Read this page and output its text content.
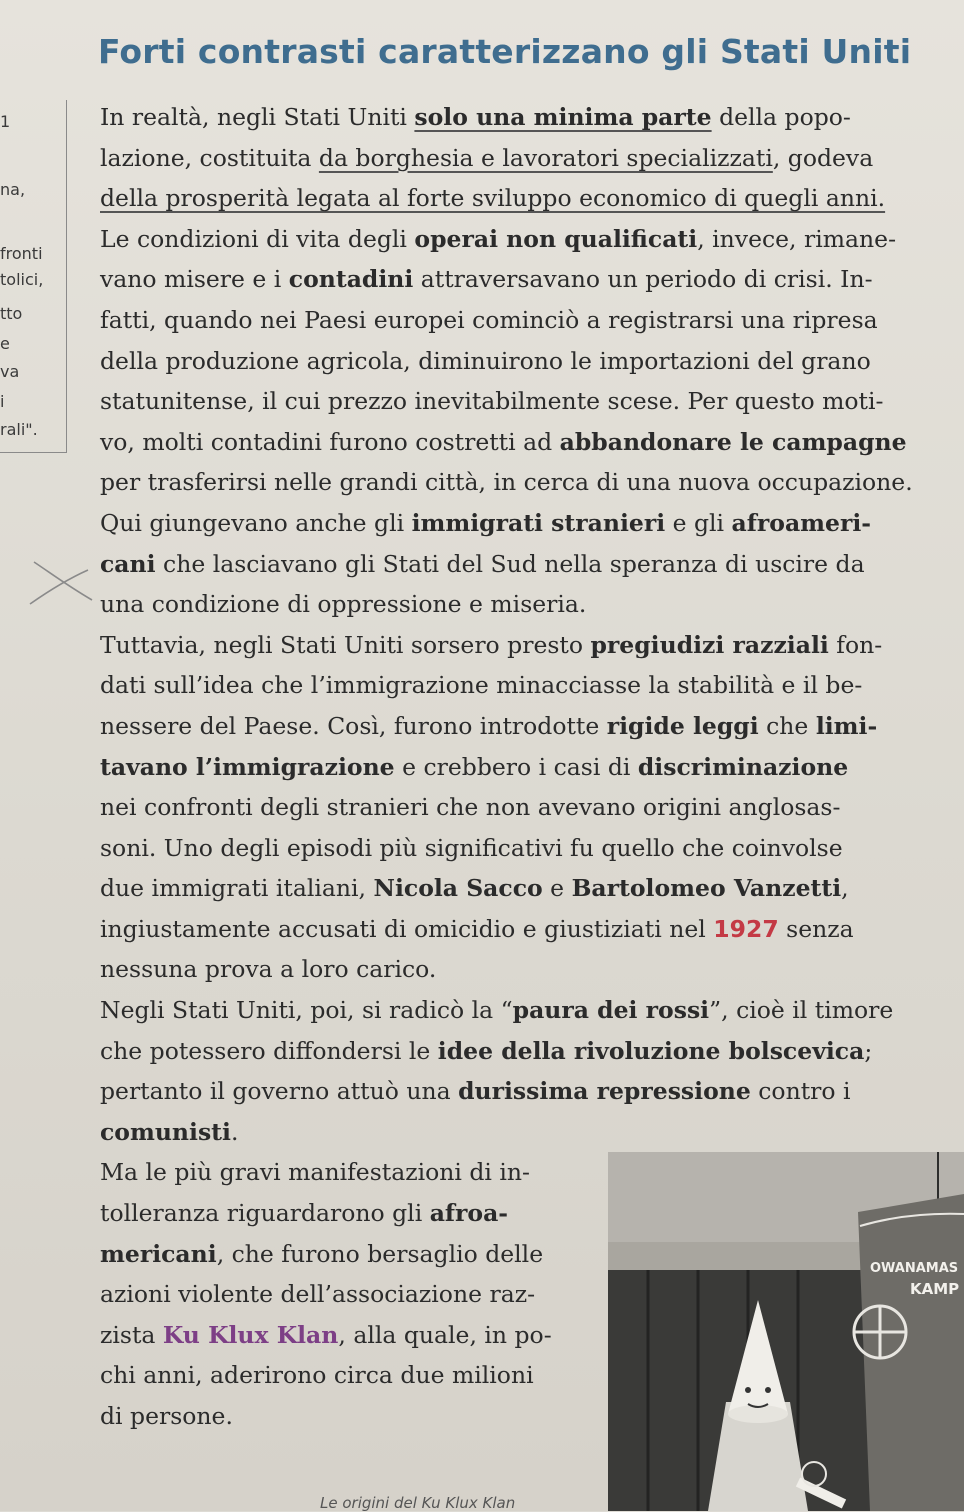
1
na,
fronti
tolici,
tto
e
va
i
rali".
Forti contrasti caratterizzano gli Stati Uniti
In realtà, negli Stati Uniti solo una minima parte della popo-
lazione, costituita da borghesia e lavoratori specializzati, godeva
della prosperità legata al forte sviluppo economico di quegli anni.
Le condizioni di vita degli operai non qualificati, invece, rimane-
vano misere e i contadini attraversavano un periodo di crisi. In-
fatti, quando nei Paesi europei cominciò a registrarsi una ripresa
della produzione agricola, diminuirono le importazioni del grano
statunitense, il cui prezzo inevitabilmente scese. Per questo moti-
vo, molti contadini furono costretti ad abbandonare le campagne
per trasferirsi nelle grandi città, in cerca di una nuova occupazione.
Qui giungevano anche gli immigrati stranieri e gli afroameri-
cani che lasciavano gli Stati del Sud nella speranza di uscire da
una condizione di oppressione e miseria.
Tuttavia, negli Stati Uniti sorsero presto pregiudizi razziali fon-
dati sull’idea che l’immigrazione minacciasse la stabilità e il be-
nessere del Paese. Così, furono introdotte rigide leggi che limi-
tavano l’immigrazione e crebbero i casi di discriminazione
nei confronti degli stranieri che non avevano origini anglosas-
soni. Uno degli episodi più significativi fu quello che coinvolse
due immigrati italiani, Nicola Sacco e Bartolomeo Vanzetti,
ingiustamente accusati di omicidio e giustiziati nel 1927 senza
nessuna prova a loro carico.
Negli Stati Uniti, poi, si radicò la “paura dei rossi”, cioè il timore
che potessero diffondersi le idee della rivoluzione bolscevica;
pertanto il governo attuò una durissima repressione contro i
comunisti.
Ma le più gravi manifestazioni di in-
tolleranza riguardarono gli afroa-
mericani, che furono bersaglio delle
azioni violente dell’associazione raz-
zista Ku Klux Klan, alla quale, in po-
chi anni, aderirono circa due milioni
di persone.
OWANAMAS
KAMP
Le origini del Ku Klux Klan
